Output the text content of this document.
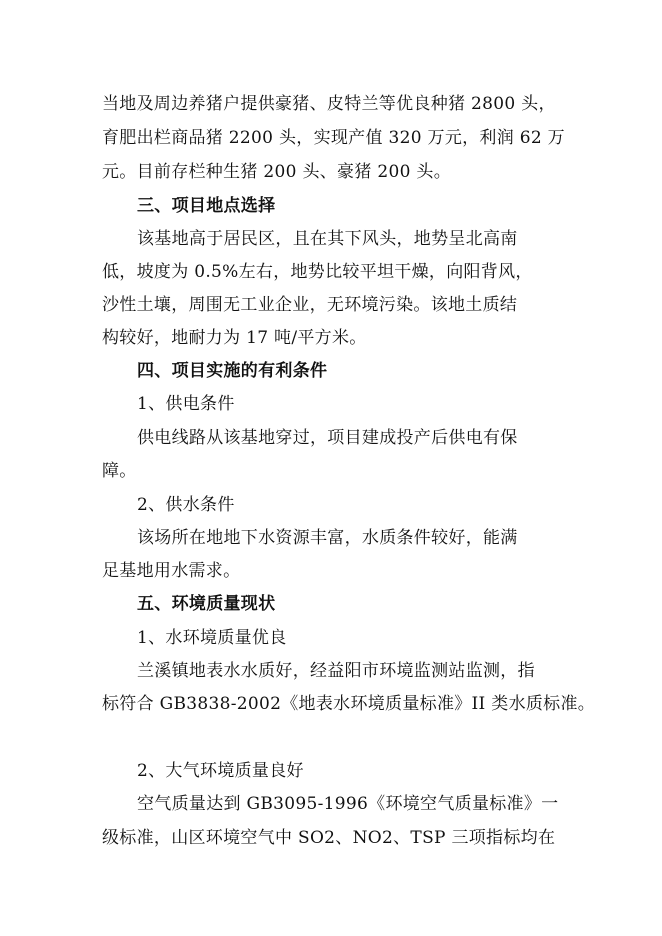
当地及周边养猪户提供豪猪、皮特兰等优良种猪 2800 头，
育肥出栏商品猪 2200 头，实现产值 320 万元，利润 62 万
元。目前存栏种生猪 200 头、豪猪 200 头。
三、项目地点选择
该基地高于居民区，且在其下风头，地势呈北高南
低，坡度为 0.5%左右，地势比较平坦干燥，向阳背风，
沙性土壤，周围无工业企业，无环境污染。该地土质结
构较好，地耐力为 17 吨/平方米。
四、项目实施的有利条件
1、供电条件
供电线路从该基地穿过，项目建成投产后供电有保
障。
2、供水条件
该场所在地地下水资源丰富，水质条件较好，能满
足基地用水需求。
五、环境质量现状
1、水环境质量优良
兰溪镇地表水水质好，经益阳市环境监测站监测，指
标符合 GB3838-2002《地表水环境质量标准》II 类水质标准。
2、大气环境质量良好
空气质量达到 GB3095-1996《环境空气质量标准》一
级标准，山区环境空气中 SO2、NO2、TSP 三项指标均在
